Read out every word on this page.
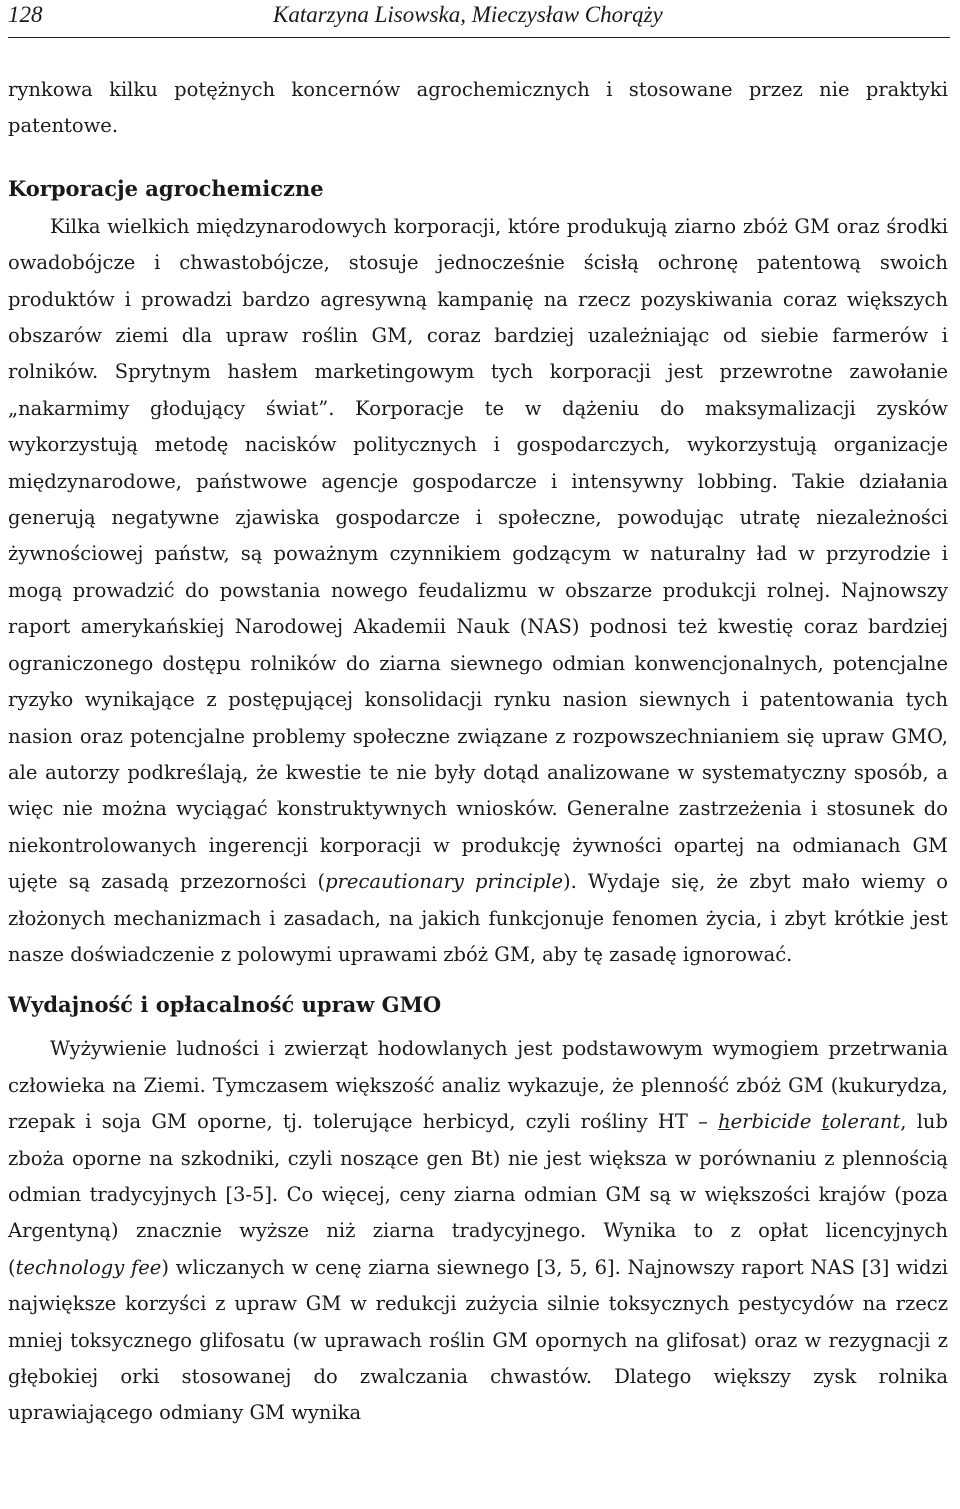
128	Katarzyna Lisowska, Mieczysław Chorąży

rynkowa kilku potężnych koncernów agrochemicznych i stosowane przez nie praktyki patentowe.

Korporacje agrochemiczne

Kilka wielkich międzynarodowych korporacji, które produkują ziarno zbóż GM oraz środki owadobójcze i chwastobójcze, stosuje jednocześnie ścisłą ochronę patentową swoich produktów i prowadzi bardzo agresywną kampanię na rzecz pozyskiwania coraz większych obszarów ziemi dla upraw roślin GM, coraz bardziej uzależniając od siebie farmerów i rolników. Sprytnym hasłem marketingowym tych korporacji jest przewrotne zawołanie „nakarmimy głodujący świat”. Korporacje te w dążeniu do maksymalizacji zysków wykorzystują metodę nacisków politycznych i gospodarczych, wykorzystują organizacje międzynarodowe, państwowe agencje gospodarcze i intensywny lobbing. Takie działania generują negatywne zjawiska gospodarcze i społeczne, powodując utratę niezależności żywnościowej państw, są poważnym czynnikiem godzącym w naturalny ład w przyrodzie i mogą prowadzić do powstania nowego feudalizmu w obszarze produkcji rolnej. Najnowszy raport amerykańskiej Narodowej Akademii Nauk (NAS) podnosi też kwestię coraz bardziej ograniczonego dostępu rolników do ziarna siewnego odmian konwencjonalnych, potencjalne ryzyko wynikające z postępującej konsolidacji rynku nasion siewnych i patentowania tych nasion oraz potencjalne problemy społeczne związane z rozpowszechnianiem się upraw GMO, ale autorzy podkreślają, że kwestie te nie były dotąd analizowane w systematyczny sposób, a więc nie można wyciągać konstruktywnych wniosków. Generalne zastrzeżenia i stosunek do niekontrolowanych ingerencji korporacji w produkcję żywności opartej na odmianach GM ujęte są zasadą przezorności (precautionary principle). Wydaje się, że zbyt mało wiemy o złożonych mechanizmach i zasadach, na jakich funkcjonuje fenomen życia, i zbyt krótkie jest nasze doświadczenie z polowymi uprawami zbóż GM, aby tę zasadę ignorować.

Wydajność i opłacalność upraw GMO

Wyżywienie ludności i zwierząt hodowlanych jest podstawowym wymogiem przetrwania człowieka na Ziemi. Tymczasem większość analiz wykazuje, że plenność zbóż GM (kukurydza, rzepak i soja GM oporne, tj. tolerujące herbicyd, czyli rośliny HT – herbicide tolerant, lub zboża oporne na szkodniki, czyli noszące gen Bt) nie jest większa w porównaniu z plennością odmian tradycyjnych [3-5]. Co więcej, ceny ziarna odmian GM są w większości krajów (poza Argentyną) znacznie wyższe niż ziarna tradycyjnego. Wynika to z opłat licencyjnych (technology fee) wliczanych w cenę ziarna siewnego [3, 5, 6]. Najnowszy raport NAS [3] widzi największe korzyści z upraw GM w redukcji zużycia silnie toksycznych pestycydów na rzecz mniej toksycznego glifosatu (w uprawach roślin GM opornych na glifosat) oraz w rezygnacji z głębokiej orki stosowanej do zwalczania chwastów. Dlatego większy zysk rolnika uprawiającego odmiany GM wynika
